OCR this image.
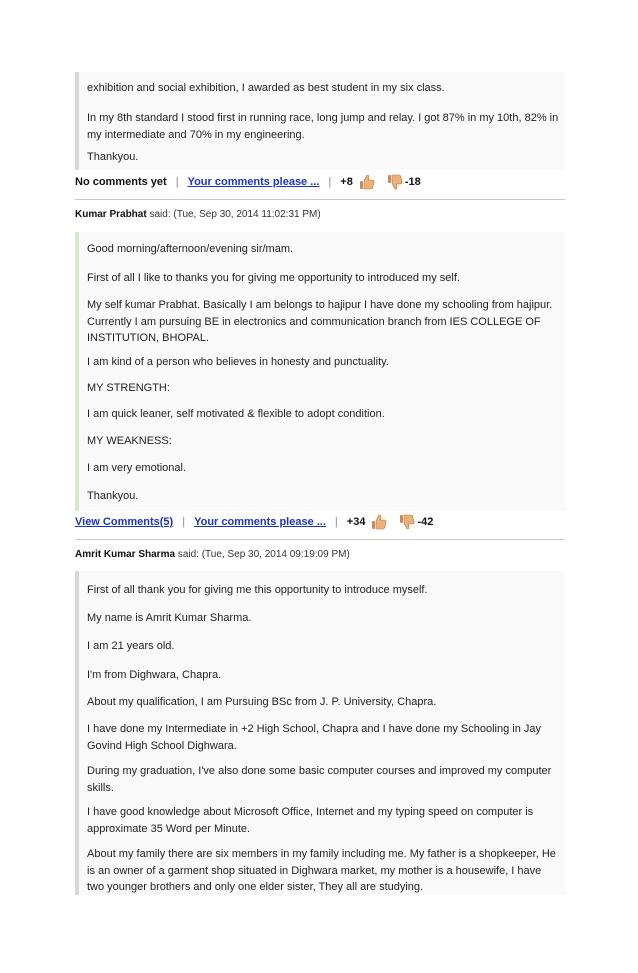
exhibition and social exhibition, I awarded as best student in my six class.

In my 8th standard I stood first in running race, long jump and relay. I got 87% in my 10th, 82% in my intermediate and 70% in my engineering.

Thankyou.

No comments yet | Your comments please ... | +8	-18
Kumar Prabhat said: (Tue, Sep 30, 2014 11:02:31 PM)

Good morning/afternoon/evening sir/mam.

First of all I like to thanks you for giving me opportunity to introduced my self.

My self kumar Prabhat. Basically I am belongs to hajipur I have done my schooling from hajipur. Currently I am pursuing BE in electronics and communication branch from IES COLLEGE OF INSTITUTION, BHOPAL.

I am kind of a person who believes in honesty and punctuality.

MY STRENGTH:

I am quick leaner, self motivated & flexible to adopt condition.

MY WEAKNESS:

I am very emotional.

Thankyou.

View Comments(5) | Your comments please ... | +34	-42
Amrit Kumar Sharma said: (Tue, Sep 30, 2014 09:19:09 PM)

First of all thank you for giving me this opportunity to introduce myself.

My name is Amrit Kumar Sharma.

I am 21 years old.

I'm from Dighwara, Chapra.

About my qualification, I am Pursuing BSc from J. P. University, Chapra.

I have done my Intermediate in +2 High School, Chapra and I have done my Schooling in Jay Govind High School Dighwara.

During my graduation, I've also done some basic computer courses and improved my computer skills.

I have good knowledge about Microsoft Office, Internet and my typing speed on computer is approximate 35 Word per Minute.

About my family there are six members in my family including me. My father is a shopkeeper, He is an owner of a garment shop situated in Dighwara market, my mother is a housewife, I have two younger brothers and only one elder sister, They all are studying.
